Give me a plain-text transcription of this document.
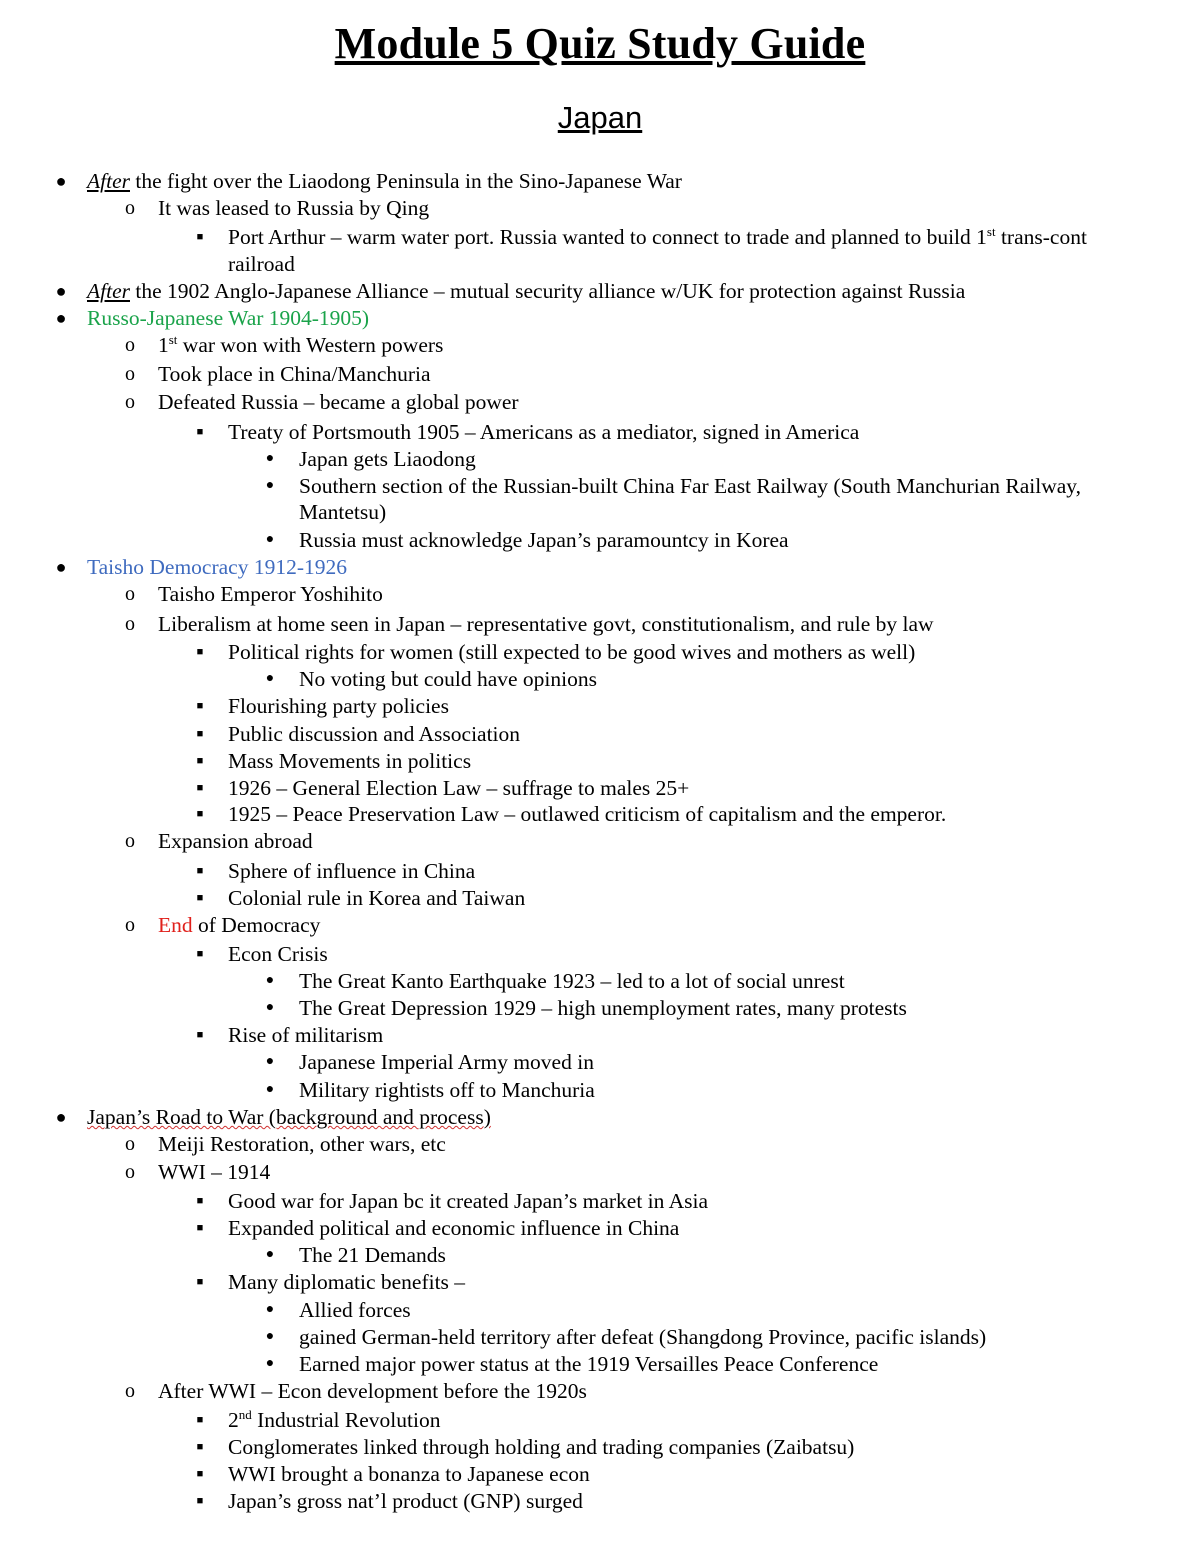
Module 5 Quiz Study Guide
Japan
● After the fight over the Liaodong Peninsula in the Sino-Japanese War
o It was leased to Russia by Qing
■	Port Arthur – warm water port. Russia wanted to connect to trade and planned to build 1st trans-cont
railroad
● After the 1902 Anglo-Japanese Alliance – mutual security alliance w/UK for protection against Russia
● Russo-Japanese War 1904-1905)
o 1st war won with Western powers
o Took place in China/Manchuria
o Defeated Russia – became a global power
■	Treaty of Portsmouth 1905 – Americans as a mediator, signed in America
●	Japan gets Liaodong
●	Southern section of the Russian-built China Far East Railway (South Manchurian Railway,
Mantetsu)
●	Russia must acknowledge Japan’s paramountcy in Korea
● Taisho Democracy 1912-1926
o Taisho Emperor Yoshihito
o Liberalism at home seen in Japan – representative govt, constitutionalism, and rule by law
■	Political rights for women (still expected to be good wives and mothers as well)
●	No voting but could have opinions
■	Flourishing party policies
■	Public discussion and Association
■	Mass Movements in politics
■	1926 – General Election Law – suffrage to males 25+
■	1925 – Peace Preservation Law – outlawed criticism of capitalism and the emperor.
o Expansion abroad
■	Sphere of influence in China
■	Colonial rule in Korea and Taiwan
o End of Democracy
■	Econ Crisis
●	The Great Kanto Earthquake 1923 – led to a lot of social unrest
●	The Great Depression 1929 – high unemployment rates, many protests
■	Rise of militarism
●	Japanese Imperial Army moved in
●	Military rightists off to Manchuria
● Japan’s Road to War (background and process)
o Meiji Restoration, other wars, etc
o WWI – 1914
■	Good war for Japan bc it created Japan’s market in Asia
■	Expanded political and economic influence in China
●	The 21 Demands
■	Many diplomatic benefits –
●	Allied forces
●	gained German-held territory after defeat (Shangdong Province, pacific islands)
●	Earned major power status at the 1919 Versailles Peace Conference
o After WWI – Econ development before the 1920s
■	2nd Industrial Revolution
■	Conglomerates linked through holding and trading companies (Zaibatsu)
■	WWI brought a bonanza to Japanese econ
■	Japan’s gross nat’l product (GNP) surged
